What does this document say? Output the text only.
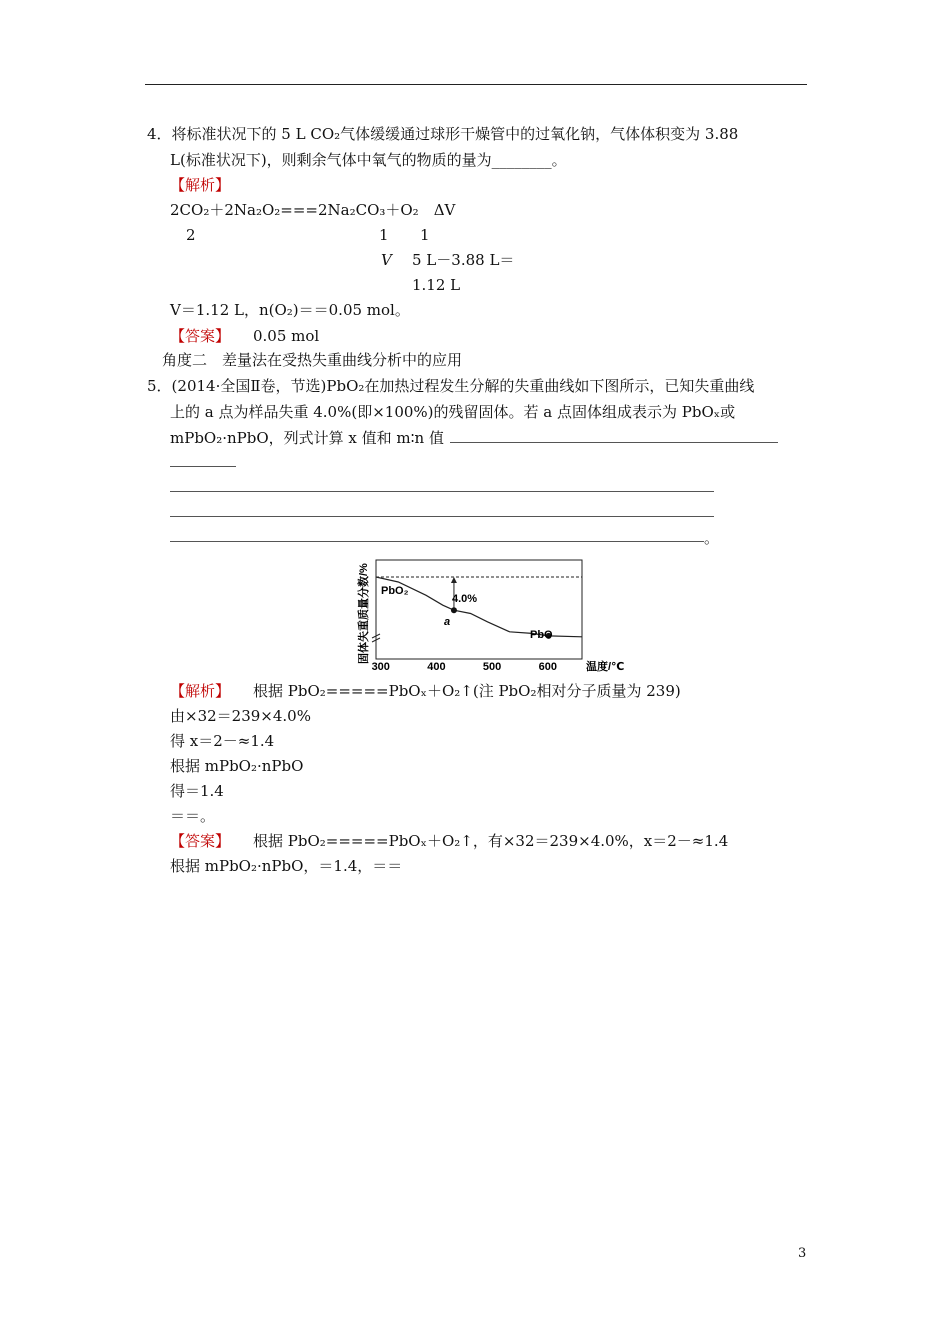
4．将标准状况下的 5 L CO₂气体缓缓通过球形干燥管中的过氧化钠，气体体积变为 3.88
L(标准状况下)，则剩余气体中氧气的物质的量为________。
【解析】
2CO₂＋2Na₂O₂===2Na₂CO₃＋O₂　ΔV
2	1 1
V 5 L－3.88 L＝
1.12 L
V＝1.12 L，n(O₂)＝＝0.05 mol。
【答案】 0.05 mol
角度二　差量法在受热失重曲线分析中的应用
5．(2014·全国Ⅱ卷，节选)PbO₂在加热过程发生分解的失重曲线如下图所示，已知失重曲线
上的 a 点为样品失重 4.0%(即×100%)的残留固体。若 a 点固体组成表示为 PbOₓ或
mPbO₂·nPbO，列式计算 x 值和 m∶n 值
。
固体失重质量分数/% PbO₂
4.0%
a
PbO
300	400	500	600	温度/℃
【解析】 根据 PbO₂=====PbOₓ＋O₂↑(注 PbO₂相对分子质量为 239)
由×32＝239×4.0%
得 x＝2－≈1.4
根据 mPbO₂·nPbO
得＝1.4
＝＝。
【答案】 根据 PbO₂=====PbOₓ＋O₂↑，有×32＝239×4.0%，x＝2－≈1.4
根据 mPbO₂·nPbO，＝1.4，＝＝
3
